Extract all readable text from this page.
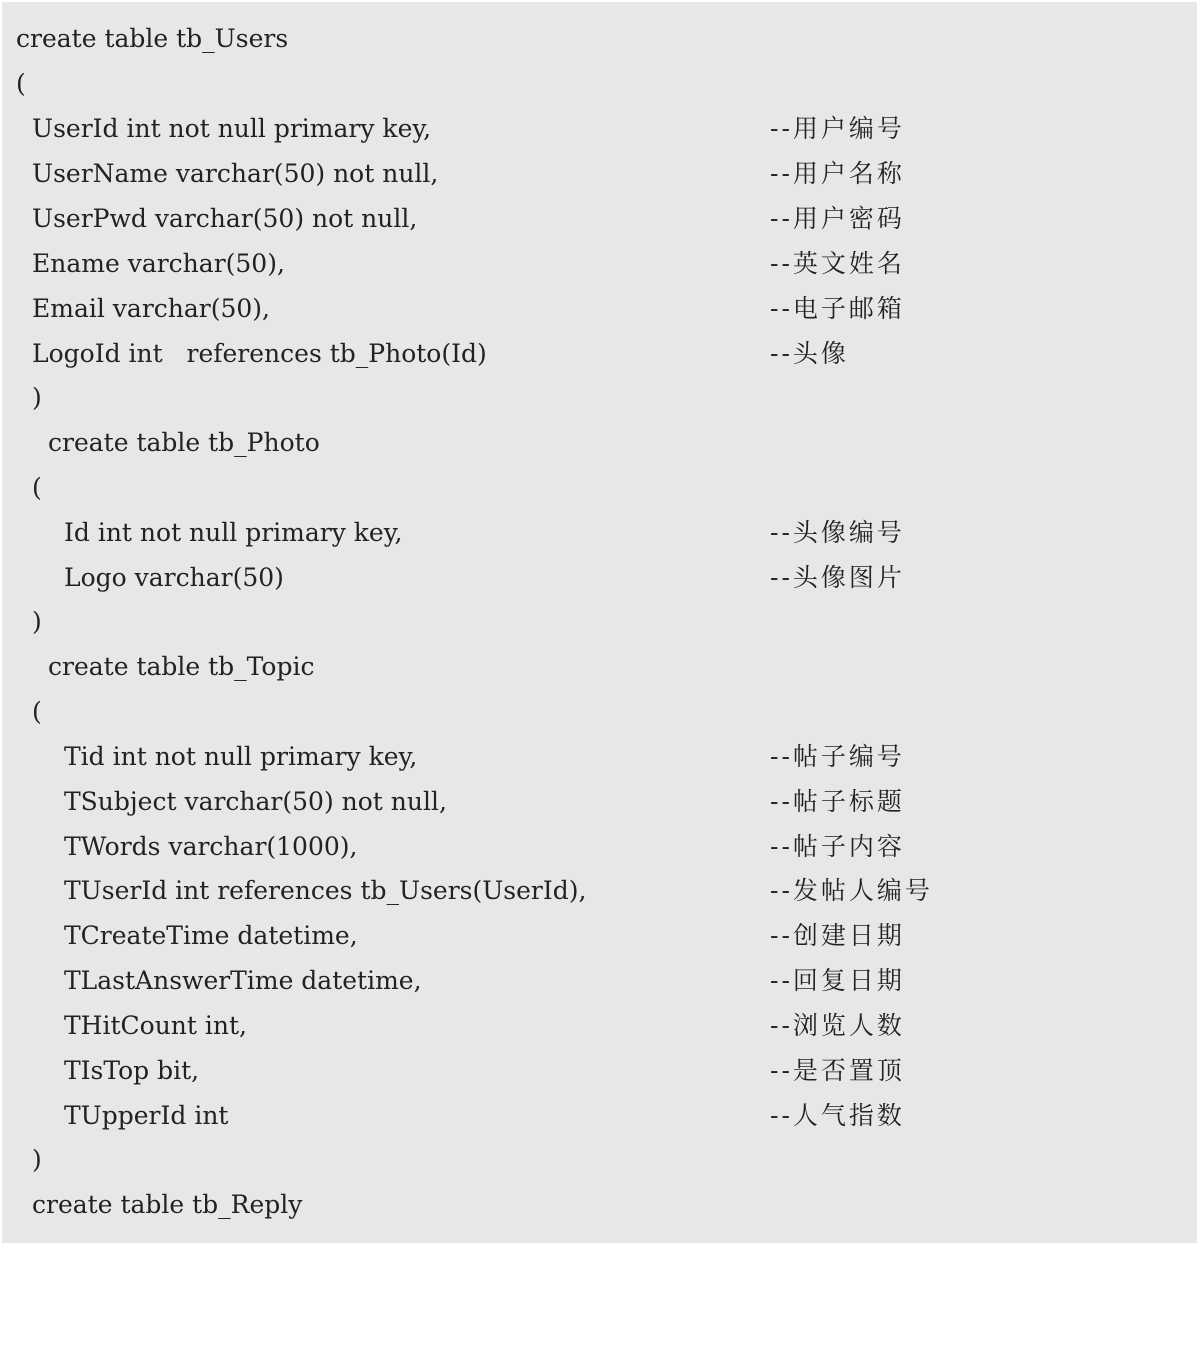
create table tb_Users

(

UserId int not null primary key,

	--用户编号

UserName varchar(50) not null,

	--用户名称

UserPwd varchar(50) not null,

	--用户密码

Ename varchar(50),

	--英文姓名

Email varchar(50),

	--电子邮箱

LogoId int   references tb_Photo(Id)

	--头像

)

create table tb_Photo

(

Id int not null primary key,

	--头像编号

Logo varchar(50)

	--头像图片

)

create table tb_Topic

(

Tid int not null primary key,

	--帖子编号

TSubject varchar(50) not null,

	--帖子标题

TWords varchar(1000),

	--帖子内容

TUserId int references tb_Users(UserId),

	--发帖人编号

TCreateTime datetime,

	--创建日期

TLastAnswerTime datetime,

	--回复日期

THitCount int,

	--浏览人数

TIsTop bit,

	--是否置顶

TUpperId int

	--人气指数

)

create table tb_Reply
